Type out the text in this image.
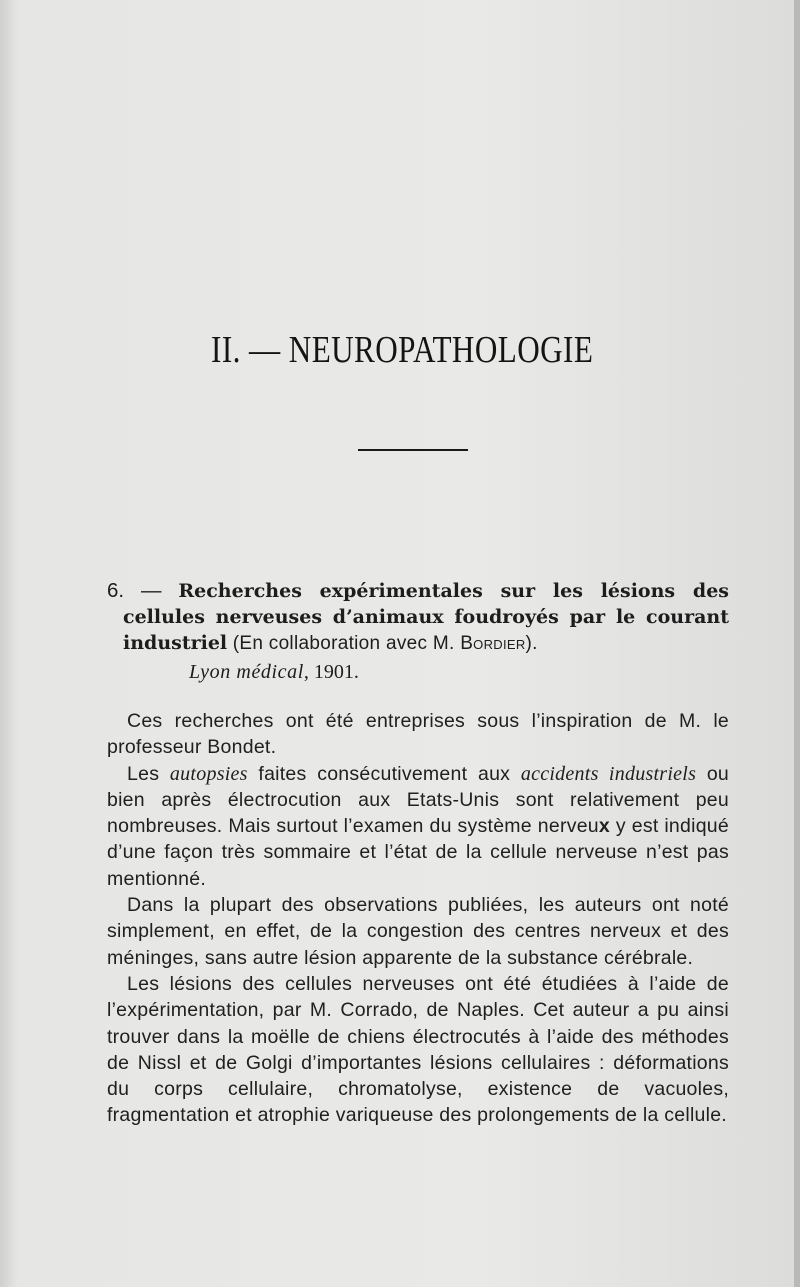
II. — NEUROPATHOLOGIE
6. — Recherches expérimentales sur les lésions des cellules nerveuses d’animaux foudroyés par le courant industriel (En collaboration avec M. Bordier).
Lyon médical, 1901.

Ces recherches ont été entreprises sous l’inspiration de M. le professeur Bondet.

Les autopsies faites consécutivement aux accidents industriels ou bien après électrocution aux Etats-Unis sont relativement peu nombreuses. Mais surtout l’examen du système nerveux y est indiqué d’une façon très sommaire et l’état de la cellule nerveuse n’est pas mentionné.

Dans la plupart des observations publiées, les auteurs ont noté simplement, en effet, de la congestion des centres nerveux et des méninges, sans autre lésion apparente de la substance cérébrale.

Les lésions des cellules nerveuses ont été étudiées à l’aide de l’expérimentation, par M. Corrado, de Naples. Cet auteur a pu ainsi trouver dans la moëlle de chiens électrocutés à l’aide des méthodes de Nissl et de Golgi d’importantes lésions cellulaires : déformations du corps cellulaire, chromatolyse, existence de vacuoles, fragmentation et atrophie variqueuse des prolongements de la cellule.
